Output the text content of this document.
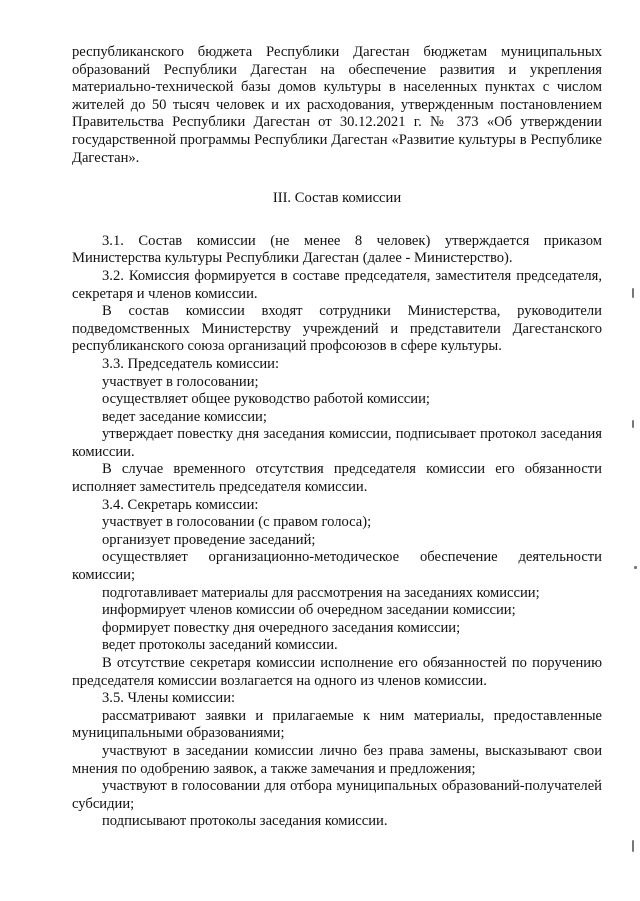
республиканского бюджета Республики Дагестан бюджетам муниципальных образований Республики Дагестан на обеспечение развития и укрепления материально-технической базы домов культуры в населенных пунктах с числом жителей до 50 тысяч человек и их расходования, утвержденным постановлением Правительства Республики Дагестан от 30.12.2021 г. № 373 «Об утверждении государственной программы Республики Дагестан «Развитие культуры в Республике Дагестан».

III. Состав комиссии

3.1. Состав комиссии (не менее 8 человек) утверждается приказом Министерства культуры Республики Дагестан (далее - Министерство).

3.2. Комиссия формируется в составе председателя, заместителя председателя, секретаря и членов комиссии.

В состав комиссии входят сотрудники Министерства, руководители подведомственных Министерству учреждений и представители Дагестанского республиканского союза организаций профсоюзов в сфере культуры.

3.3. Председатель комиссии:

участвует в голосовании;

осуществляет общее руководство работой комиссии;

ведет заседание комиссии;

утверждает повестку дня заседания комиссии, подписывает протокол заседания комиссии.

В случае временного отсутствия председателя комиссии его обязанности исполняет заместитель председателя комиссии.

3.4. Секретарь комиссии:

участвует в голосовании (с правом голоса);

организует проведение заседаний;

осуществляет организационно-методическое обеспечение деятельности комиссии;

подготавливает материалы для рассмотрения на заседаниях комиссии;

информирует членов комиссии об очередном заседании комиссии;

формирует повестку дня очередного заседания комиссии;

ведет протоколы заседаний комиссии.

В отсутствие секретаря комиссии исполнение его обязанностей по поручению председателя комиссии возлагается на одного из членов комиссии.

3.5. Члены комиссии:

рассматривают заявки и прилагаемые к ним материалы, предоставленные муниципальными образованиями;

участвуют в заседании комиссии лично без права замены, высказывают свои мнения по одобрению заявок, а также замечания и предложения;

участвуют в голосовании для отбора муниципальных образований-получателей субсидии;

подписывают протоколы заседания комиссии.
